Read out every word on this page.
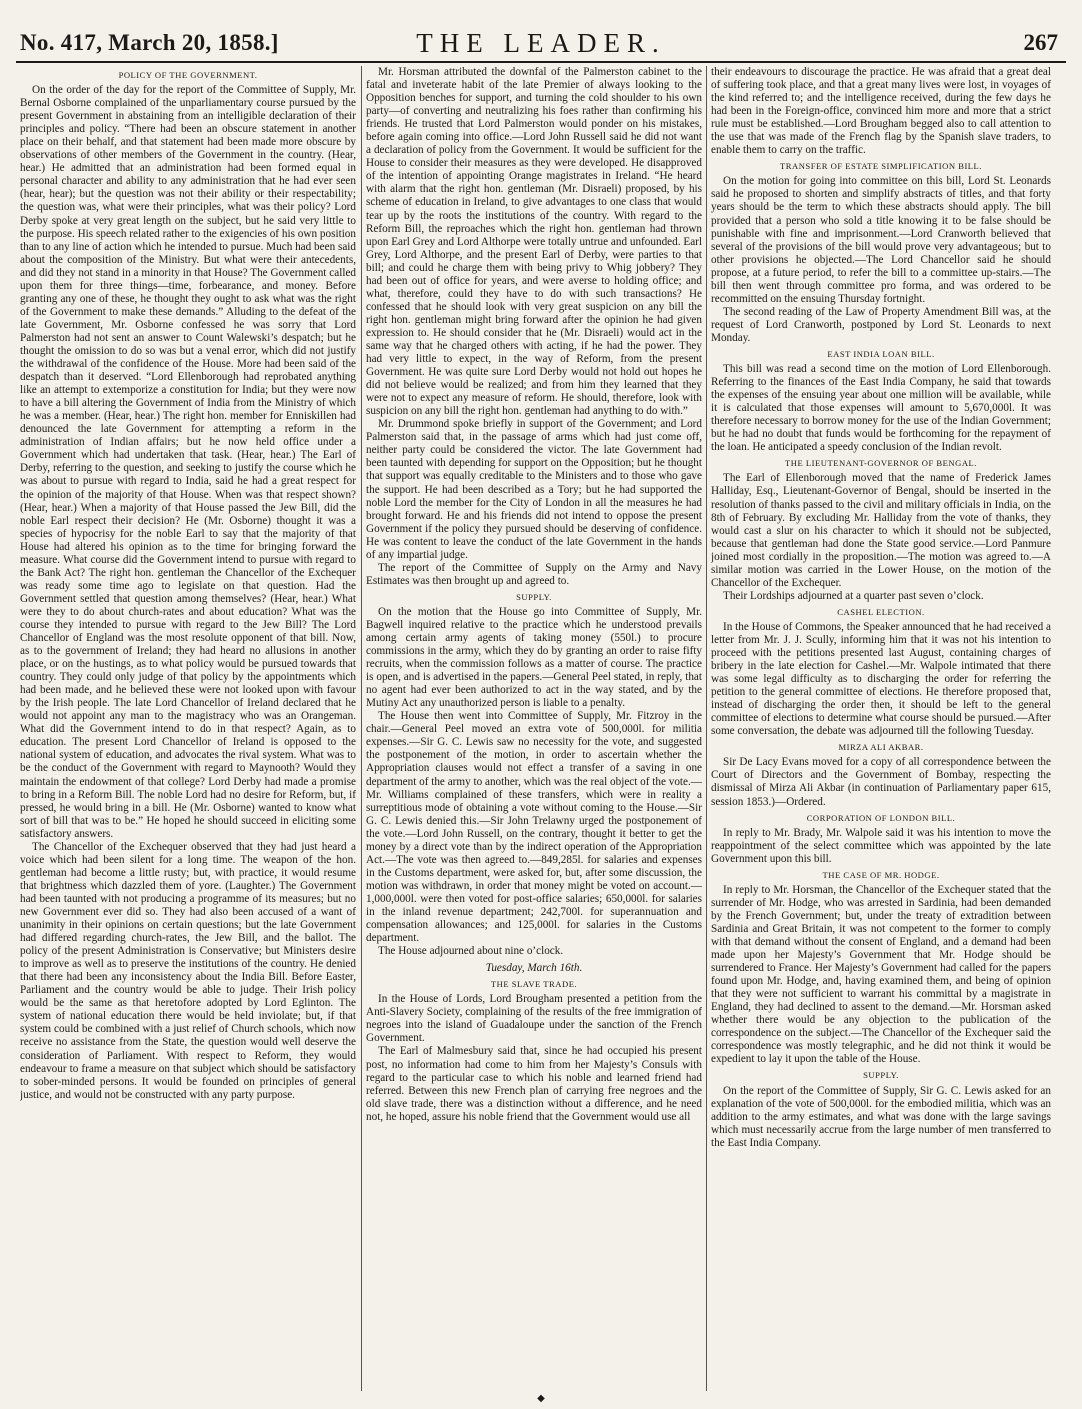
No. 417, March 20, 1858.]	THE LEADER.	267
POLICY OF THE GOVERNMENT.

On the order of the day for the report of the Committee of Supply, Mr. Bernal Osborne complained of the unparliamentary course pursued by the present Government in abstaining from an intelligible declaration of their principles and policy. “There had been an obscure statement in another place on their behalf, and that statement had been made more obscure by observations of other members of the Government in the country. (Hear, hear.) He admitted that an administration had been formed equal in personal character and ability to any administration that he had ever seen (hear, hear); but the question was not their ability or their respectability; the question was, what were their principles, what was their policy? Lord Derby spoke at very great length on the subject, but he said very little to the purpose. His speech related rather to the exigencies of his own position than to any line of action which he intended to pursue. Much had been said about the composition of the Ministry. But what were their antecedents, and did they not stand in a minority in that House? The Government called upon them for three things—time, forbearance, and money. Before granting any one of these, he thought they ought to ask what was the right of the Government to make these demands.” Alluding to the defeat of the late Government, Mr. Osborne confessed he was sorry that Lord Palmerston had not sent an answer to Count Walewski’s despatch; but he thought the omission to do so was but a venal error, which did not justify the withdrawal of the confidence of the House. More had been said of the despatch than it deserved. “Lord Ellenborough had reprobated anything like an attempt to extemporize a constitution for India; but they were now to have a bill altering the Government of India from the Ministry of which he was a member. (Hear, hear.) The right hon. member for Enniskillen had denounced the late Government for attempting a reform in the administration of Indian affairs; but he now held office under a Government which had undertaken that task. (Hear, hear.) The Earl of Derby, referring to the question, and seeking to justify the course which he was about to pursue with regard to India, said he had a great respect for the opinion of the majority of that House. When was that respect shown? (Hear, hear.) When a majority of that House passed the Jew Bill, did the noble Earl respect their decision? He (Mr. Osborne) thought it was a species of hypocrisy for the noble Earl to say that the majority of that House had altered his opinion as to the time for bringing forward the measure. What course did the Government intend to pursue with regard to the Bank Act? The right hon. gentleman the Chancellor of the Exchequer was ready some time ago to legislate on that question. Had the Government settled that question among themselves? (Hear, hear.) What were they to do about church-rates and about education? What was the course they intended to pursue with regard to the Jew Bill? The Lord Chancellor of England was the most resolute opponent of that bill. Now, as to the government of Ireland; they had heard no allusions in another place, or on the hustings, as to what policy would be pursued towards that country. They could only judge of that policy by the appointments which had been made, and he believed these were not looked upon with favour by the Irish people. The late Lord Chancellor of Ireland declared that he would not appoint any man to the magistracy who was an Orangeman. What did the Government intend to do in that respect? Again, as to education. The present Lord Chancellor of Ireland is opposed to the national system of education, and advocates the rival system. What was to be the conduct of the Government with regard to Maynooth? Would they maintain the endowment of that college? Lord Derby had made a promise to bring in a Reform Bill. The noble Lord had no desire for Reform, but, if pressed, he would bring in a bill. He (Mr. Osborne) wanted to know what sort of bill that was to be.” He hoped he should succeed in eliciting some satisfactory answers.

The Chancellor of the Exchequer observed that they had just heard a voice which had been silent for a long time. The weapon of the hon. gentleman had become a little rusty; but, with practice, it would resume that brightness which dazzled them of yore. (Laughter.) The Government had been taunted with not producing a programme of its measures; but no new Government ever did so. They had also been accused of a want of unanimity in their opinions on certain questions; but the late Government had differed regarding church-rates, the Jew Bill, and the ballot. The policy of the present Administration is Conservative; but Ministers desire to improve as well as to preserve the institutions of the country. He denied that there had been any inconsistency about the India Bill. Before Easter, Parliament and the country would be able to judge. Their Irish policy would be the same as that heretofore adopted by Lord Eglinton. The system of national education there would be held inviolate; but, if that system could be combined with a just relief of Church schools, which now receive no assistance from the State, the question would well deserve the consideration of Parliament. With respect to Reform, they would endeavour to frame a measure on that subject which should be satisfactory to sober-minded persons. It would be founded on principles of general justice, and would not be constructed with any party purpose.

Mr. Horsman attributed the downfal of the Palmerston cabinet to the fatal and inveterate habit of the late Premier of always looking to the Opposition benches for support, and turning the cold shoulder to his own party—of converting and neutralizing his foes rather than confirming his friends. He trusted that Lord Palmerston would ponder on his mistakes, before again coming into office.—Lord John Russell said he did not want a declaration of policy from the Government. It would be sufficient for the House to consider their measures as they were developed. He disapproved of the intention of appointing Orange magistrates in Ireland. “He heard with alarm that the right hon. gentleman (Mr. Disraeli) proposed, by his scheme of education in Ireland, to give advantages to one class that would tear up by the roots the institutions of the country. With regard to the Reform Bill, the reproaches which the right hon. gentleman had thrown upon Earl Grey and Lord Althorpe were totally untrue and unfounded. Earl Grey, Lord Althorpe, and the present Earl of Derby, were parties to that bill; and could he charge them with being privy to Whig jobbery? They had been out of office for years, and were averse to holding office; and what, therefore, could they have to do with such transactions? He confessed that he should look with very great suspicion on any bill the right hon. gentleman might bring forward after the opinion he had given expression to. He should consider that he (Mr. Disraeli) would act in the same way that he charged others with acting, if he had the power. They had very little to expect, in the way of Reform, from the present Government. He was quite sure Lord Derby would not hold out hopes he did not believe would be realized; and from him they learned that they were not to expect any measure of reform. He should, therefore, look with suspicion on any bill the right hon. gentleman had anything to do with.”

Mr. Drummond spoke briefly in support of the Government; and Lord Palmerston said that, in the passage of arms which had just come off, neither party could be considered the victor. The late Government had been taunted with depending for support on the Opposition; but he thought that support was equally creditable to the Ministers and to those who gave the support. He had been described as a Tory; but he had supported the noble Lord the member for the City of London in all the measures he had brought forward. He and his friends did not intend to oppose the present Government if the policy they pursued should be deserving of confidence. He was content to leave the conduct of the late Government in the hands of any impartial judge.

The report of the Committee of Supply on the Army and Navy Estimates was then brought up and agreed to.

SUPPLY.

On the motion that the House go into Committee of Supply, Mr. Bagwell inquired relative to the practice which he understood prevails among certain army agents of taking money (550l.) to procure commissions in the army, which they do by granting an order to raise fifty recruits, when the commission follows as a matter of course. The practice is open, and is advertised in the papers.—General Peel stated, in reply, that no agent had ever been authorized to act in the way stated, and by the Mutiny Act any unauthorized person is liable to a penalty.

The House then went into Committee of Supply, Mr. Fitzroy in the chair.—General Peel moved an extra vote of 500,000l. for militia expenses.—Sir G. C. Lewis saw no necessity for the vote, and suggested the postponement of the motion, in order to ascertain whether the Appropriation clauses would not effect a transfer of a saving in one department of the army to another, which was the real object of the vote.—Mr. Williams complained of these transfers, which were in reality a surreptitious mode of obtaining a vote without coming to the House.—Sir G. C. Lewis denied this.—Sir John Trelawny urged the postponement of the vote.—Lord John Russell, on the contrary, thought it better to get the money by a direct vote than by the indirect operation of the Appropriation Act.—The vote was then agreed to.—849,285l. for salaries and expenses in the Customs department, were asked for, but, after some discussion, the motion was withdrawn, in order that money might be voted on account.—1,000,000l. were then voted for post-office salaries; 650,000l. for salaries in the inland revenue department; 242,700l. for superannuation and compensation allowances; and 125,000l. for salaries in the Customs department.

The House adjourned about nine o’clock.

Tuesday, March 16th.
THE SLAVE TRADE.

In the House of Lords, Lord Brougham presented a petition from the Anti-Slavery Society, complaining of the results of the free immigration of negroes into the island of Guadaloupe under the sanction of the French Government.

The Earl of Malmesbury said that, since he had occupied his present post, no information had come to him from her Majesty’s Consuls with regard to the particular case to which his noble and learned friend had referred. Between this new French plan of carrying free negroes and the old slave trade, there was a distinction without a difference, and he need not, he hoped, assure his noble friend that the Government would use all

their endeavours to discourage the practice. He was afraid that a great deal of suffering took place, and that a great many lives were lost, in voyages of the kind referred to; and the intelligence received, during the few days he had been in the Foreign-office, convinced him more and more that a strict rule must be established.—Lord Brougham begged also to call attention to the use that was made of the French flag by the Spanish slave traders, to enable them to carry on the traffic.

TRANSFER OF ESTATE SIMPLIFICATION BILL.

On the motion for going into committee on this bill, Lord St. Leonards said he proposed to shorten and simplify abstracts of titles, and that forty years should be the term to which these abstracts should apply. The bill provided that a person who sold a title knowing it to be false should be punishable with fine and imprisonment.—Lord Cranworth believed that several of the provisions of the bill would prove very advantageous; but to other provisions he objected.—The Lord Chancellor said he should propose, at a future period, to refer the bill to a committee up-stairs.—The bill then went through committee pro forma, and was ordered to be recommitted on the ensuing Thursday fortnight.

The second reading of the Law of Property Amendment Bill was, at the request of Lord Cranworth, postponed by Lord St. Leonards to next Monday.

EAST INDIA LOAN BILL.

This bill was read a second time on the motion of Lord Ellenborough. Referring to the finances of the East India Company, he said that towards the expenses of the ensuing year about one million will be available, while it is calculated that those expenses will amount to 5,670,000l. It was therefore necessary to borrow money for the use of the Indian Government; but he had no doubt that funds would be forthcoming for the repayment of the loan. He anticipated a speedy conclusion of the Indian revolt.

THE LIEUTENANT-GOVERNOR OF BENGAL.

The Earl of Ellenborough moved that the name of Frederick James Halliday, Esq., Lieutenant-Governor of Bengal, should be inserted in the resolution of thanks passed to the civil and military officials in India, on the 8th of February. By excluding Mr. Halliday from the vote of thanks, they would cast a slur on his character to which it should not be subjected, because that gentleman had done the State good service.—Lord Panmure joined most cordially in the proposition.—The motion was agreed to.—A similar motion was carried in the Lower House, on the motion of the Chancellor of the Exchequer.

Their Lordships adjourned at a quarter past seven o’clock.

CASHEL ELECTION.

In the House of Commons, the Speaker announced that he had received a letter from Mr. J. J. Scully, informing him that it was not his intention to proceed with the petitions presented last August, containing charges of bribery in the late election for Cashel.—Mr. Walpole intimated that there was some legal difficulty as to discharging the order for referring the petition to the general committee of elections. He therefore proposed that, instead of discharging the order then, it should be left to the general committee of elections to determine what course should be pursued.—After some conversation, the debate was adjourned till the following Tuesday.

MIRZA ALI AKBAR.

Sir De Lacy Evans moved for a copy of all correspondence between the Court of Directors and the Government of Bombay, respecting the dismissal of Mirza Ali Akbar (in continuation of Parliamentary paper 615, session 1853.)—Ordered.

CORPORATION OF LONDON BILL.

In reply to Mr. Brady, Mr. Walpole said it was his intention to move the reappointment of the select committee which was appointed by the late Government upon this bill.

THE CASE OF MR. HODGE.

In reply to Mr. Horsman, the Chancellor of the Exchequer stated that the surrender of Mr. Hodge, who was arrested in Sardinia, had been demanded by the French Government; but, under the treaty of extradition between Sardinia and Great Britain, it was not competent to the former to comply with that demand without the consent of England, and a demand had been made upon her Majesty’s Government that Mr. Hodge should be surrendered to France. Her Majesty’s Government had called for the papers found upon Mr. Hodge, and, having examined them, and being of opinion that they were not sufficient to warrant his committal by a magistrate in England, they had declined to assent to the demand.—Mr. Horsman asked whether there would be any objection to the publication of the correspondence on the subject.—The Chancellor of the Exchequer said the correspondence was mostly telegraphic, and he did not think it would be expedient to lay it upon the table of the House.

SUPPLY.

On the report of the Committee of Supply, Sir G. C. Lewis asked for an explanation of the vote of 500,000l. for the embodied militia, which was an addition to the army estimates, and what was done with the large savings which must necessarily accrue from the large number of men transferred to the East India Company.

◆
